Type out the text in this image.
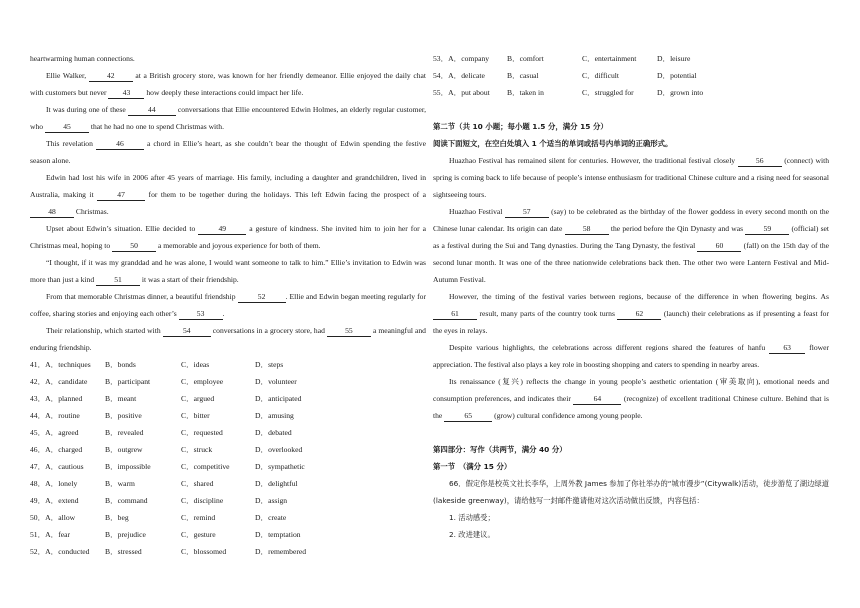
heartwarming human connections.

Ellie Walker, 42 at a British grocery store, was known for her friendly demeanor. Ellie enjoyed the daily chat with customers but never 43 how deeply these interactions could impact her life.

It was during one of these	44	conversations that Ellie encountered Edwin Holmes, an elderly regular customer, who 45 that he had no one to spend Christmas with.

This revelation	46	a chord in Ellie’s heart, as she couldn’t bear the thought of Edwin spending the festive season alone.

Edwin had lost his wife in 2006 after 45 years of marriage. His family, including a daughter and grandchildren, lived in Australia, making it	47	for them to be together during the holidays. This left Edwin facing the prospect of a 48 Christmas.

Upset about Edwin’s situation. Ellie decided to	49	a gesture of kindness. She invited him to join her for a Christmas meal, hoping to 50 a memorable and joyous experience for both of them.

“I thought, if it was my granddad and he was alone, I would want someone to talk to him.” Ellie’s invitation to Edwin was more than just a kind 51 it was a start of their friendship.

From that memorable Christmas dinner, a beautiful friendship	52	. Ellie and Edwin began meeting regularly for coffee, sharing stories and enjoying each other’s 53 .

Their relationship, which started with	54	conversations in a grocery store, had 55 a meaningful and enduring friendship.

41．A．techniques	B．bonds	C．ideas	D．steps
42．A．candidate	B．participant	C．employee	D．volunteer
43．A．planned	B．meant	C．argued	D．anticipated
44．A．routine	B．positive	C．bitter	D．amusing
45．A．agreed	B．revealed	C．requested	D．debated
46．A．charged	B．outgrew	C．struck	D．overlooked
47．A．cautious	B．impossible	C．competitive	D．sympathetic
48．A．lonely	B．warm	C．shared	D．delightful
49．A．extend	B．command	C．discipline	D．assign
50．A．allow	B．beg	C．remind	D．create
51．A．fear	B．prejudice	C．gesture	D．temptation
52．A．conducted	B．stressed	C．blossomed	D．remembered
53．A．company	B．comfort	C．entertainment	D．leisure
54．A．delicate	B．casual	C．difficult	D．potential
55．A．put about	B．taken in	C．struggled for	D．grown into

第二节（共 10 小题；每小题 1.5 分，满分 15 分）

阅读下面短文，在空白处填入 1 个适当的单词或括号内单词的正确形式。

Huazhao Festival has remained silent for centuries. However, the traditional festival closely 56 (connect) with spring is coming back to life because of people’s intense enthusiasm for traditional Chinese culture and a rising need for seasonal sightseeing tours.

Huazhao Festival 57 (say) to be celebrated as the birthday of the flower goddess in every second month on the Chinese lunar calendar. Its origin can date 58 the period before the Qin Dynasty and was 59 (official) set as a festival during the Sui and Tang dynasties. During the Tang Dynasty, the festival 60 (fall) on the 15th day of the second lunar month. It was one of the three nationwide celebrations back then. The other two were Lantern Festival and Mid-Autumn Festival.

However, the timing of the festival varies between regions, because of the difference in when flowering begins. As 61 result, many parts of the country took turns 62 (launch) their celebrations as if presenting a feast for the eyes in relays.

Despite various highlights, the celebrations across different regions shared the features of hanfu 63 flower appreciation. The festival also plays a key role in boosting shopping and caters to spending in nearby areas.

Its renaissance (复兴) reflects the change in young people’s aesthetic orientation (审美取向), emotional needs and consumption preferences, and indicates their	64	(recognize) of excellent traditional Chinese culture. Behind that is the	65	(grow) cultural confidence among young people.

第四部分：写作（共两节，满分 40 分）

第一节　（满分 15 分）

66．假定你是校英文社长李华，上周外教 James 参加了你社举办的“城市漫步”(Citywalk)活动，徒步游览了湖边绿道(lakeside greenway)，请给他写一封邮件邀请他对这次活动做出反馈，内容包括：

1. 活动感受；

2. 改进建议。
